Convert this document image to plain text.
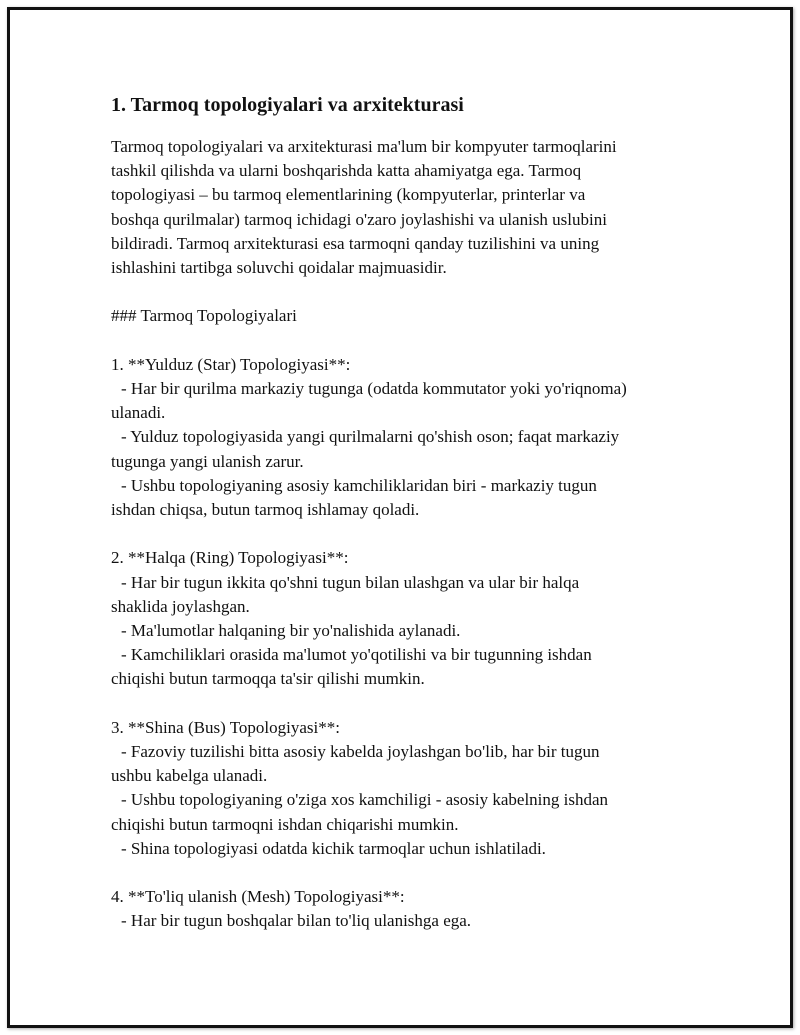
1. Tarmoq topologiyalari va arxitekturasi
Tarmoq topologiyalari va arxitekturasi ma'lum bir kompyuter tarmoqlarini
tashkil qilishda va ularni boshqarishda katta ahamiyatga ega. Tarmoq
topologiyasi – bu tarmoq elementlarining (kompyuterlar, printerlar va
boshqa qurilmalar) tarmoq ichidagi o'zaro joylashishi va ulanish uslubini
bildiradi. Tarmoq arxitekturasi esa tarmoqni qanday tuzilishini va uning
ishlashini tartibga soluvchi qoidalar majmuasidir.
### Tarmoq Topologiyalari
1. **Yulduz (Star) Topologiyasi**:
- Har bir qurilma markaziy tugunga (odatda kommutator yoki yo'riqnoma)
ulanadi.
- Yulduz topologiyasida yangi qurilmalarni qo'shish oson; faqat markaziy
tugunga yangi ulanish zarur.
- Ushbu topologiyaning asosiy kamchiliklaridan biri - markaziy tugun
ishdan chiqsa, butun tarmoq ishlamay qoladi.
2. **Halqa (Ring) Topologiyasi**:
- Har bir tugun ikkita qo'shni tugun bilan ulashgan va ular bir halqa
shaklida joylashgan.
- Ma'lumotlar halqaning bir yo'nalishida aylanadi.
- Kamchiliklari orasida ma'lumot yo'qotilishi va bir tugunning ishdan
chiqishi butun tarmoqqa ta'sir qilishi mumkin.
3. **Shina (Bus) Topologiyasi**:
- Fazoviy tuzilishi bitta asosiy kabelda joylashgan bo'lib, har bir tugun
ushbu kabelga ulanadi.
- Ushbu topologiyaning o'ziga xos kamchiligi - asosiy kabelning ishdan
chiqishi butun tarmoqni ishdan chiqarishi mumkin.
- Shina topologiyasi odatda kichik tarmoqlar uchun ishlatiladi.
4. **To'liq ulanish (Mesh) Topologiyasi**:
- Har bir tugun boshqalar bilan to'liq ulanishga ega.
